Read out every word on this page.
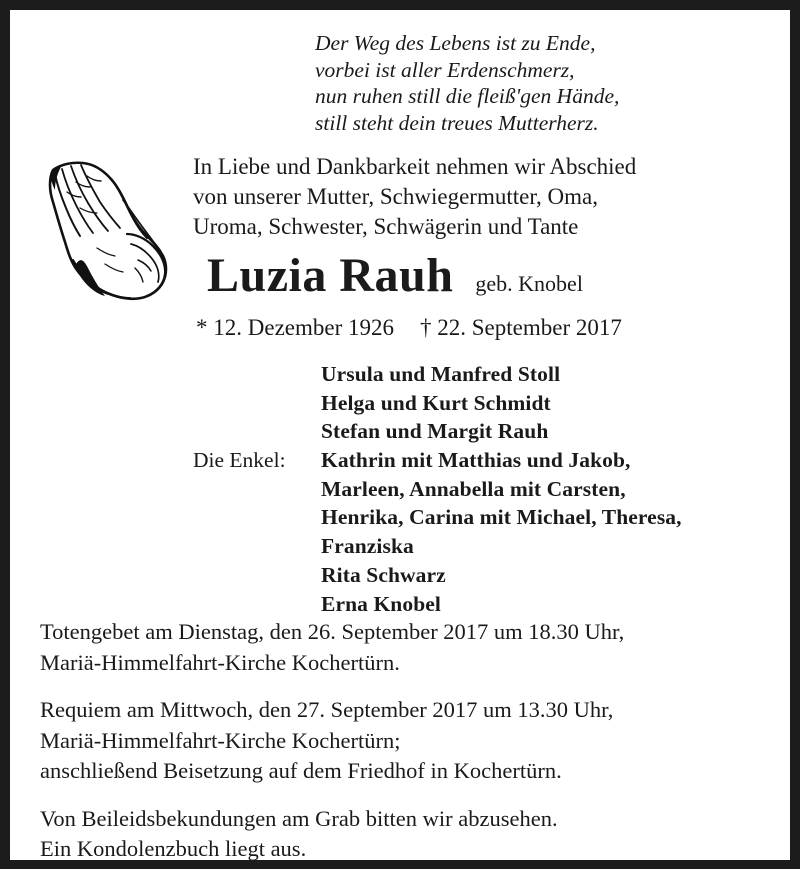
Der Weg des Lebens ist zu Ende,
vorbei ist aller Erdenschmerz,
nun ruhen still die fleiß'gen Hände,
still steht dein treues Mutterherz.
In Liebe und Dankbarkeit nehmen wir Abschied
von unserer Mutter, Schwiegermutter, Oma,
Uroma, Schwester, Schwägerin und Tante
Luzia Rauh geb. Knobel
* 12. Dezember 1926 † 22. September 2017
Ursula und Manfred Stoll
Helga und Kurt Schmidt
Stefan und Margit Rauh
Die Enkel: Kathrin mit Matthias und Jakob,
Marleen, Annabella mit Carsten,
Henrika, Carina mit Michael, Theresa,
Franziska
Rita Schwarz
Erna Knobel
Totengebet am Dienstag, den 26. September 2017 um 18.30 Uhr,
Mariä-Himmelfahrt-Kirche Kochertürn.
Requiem am Mittwoch, den 27. September 2017 um 13.30 Uhr,
Mariä-Himmelfahrt-Kirche Kochertürn;
anschließend Beisetzung auf dem Friedhof in Kochertürn.
Von Beileidsbekundungen am Grab bitten wir abzusehen.
Ein Kondolenzbuch liegt aus.
